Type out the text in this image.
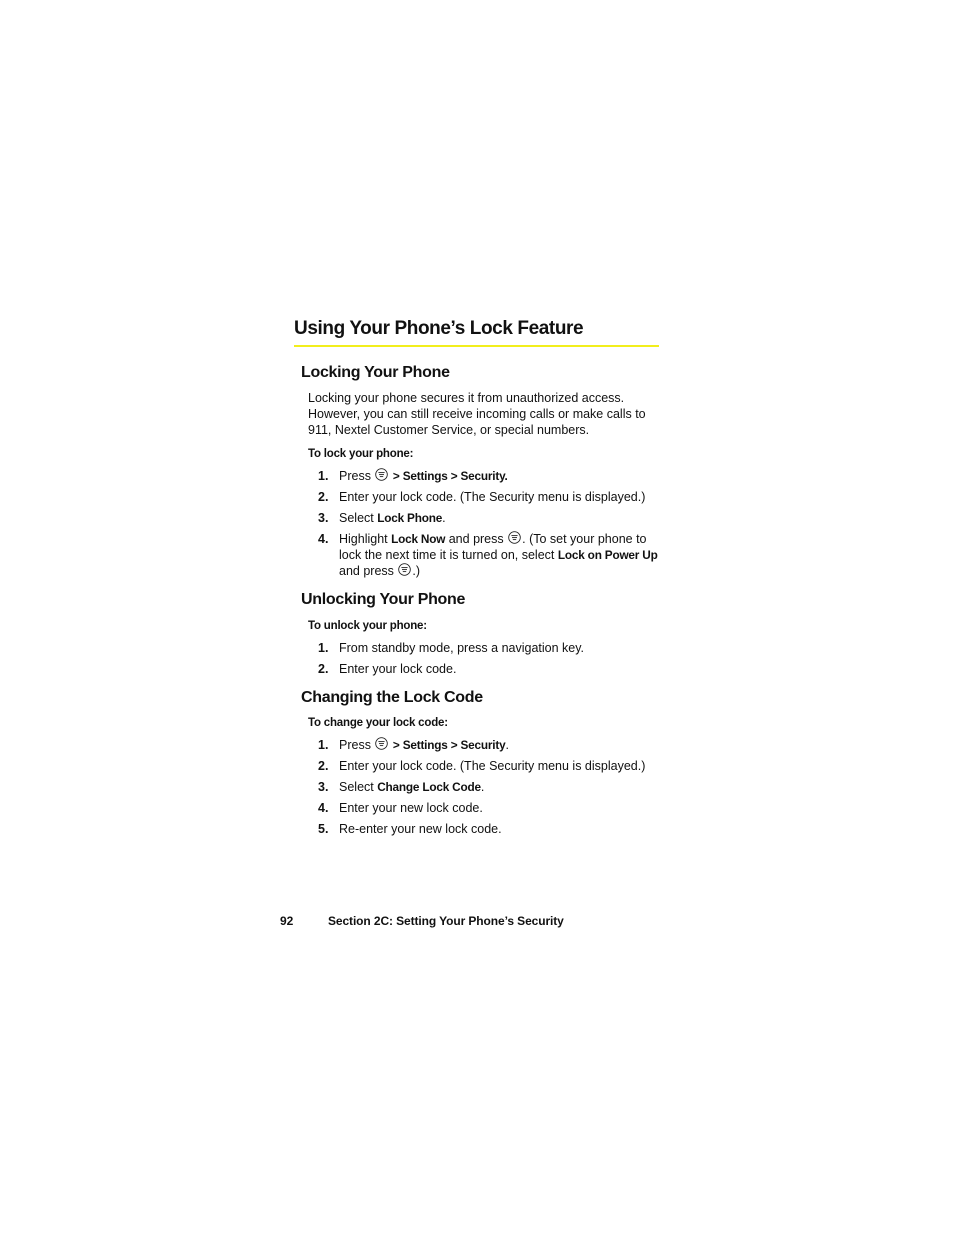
Using Your Phone’s Lock Feature
Locking Your Phone

Locking your phone secures it from unauthorized access. However, you can still receive incoming calls or make calls to 911, Nextel Customer Service, or special numbers.

To lock your phone:
1. Press > Settings > Security.
2. Enter your lock code. (The Security menu is displayed.)
3. Select Lock Phone.
4. Highlight Lock Now and press . (To set your phone to lock the next time it is turned on, select Lock on Power Up and press .)
Unlocking Your Phone
To unlock your phone:
1. From standby mode, press a navigation key.
2. Enter your lock code.
Changing the Lock Code
To change your lock code:
1. Press > Settings > Security.
2. Enter your lock code. (The Security menu is displayed.)
3. Select Change Lock Code.
4. Enter your new lock code.
5. Re-enter your new lock code.
92	Section 2C: Setting Your Phone’s Security
